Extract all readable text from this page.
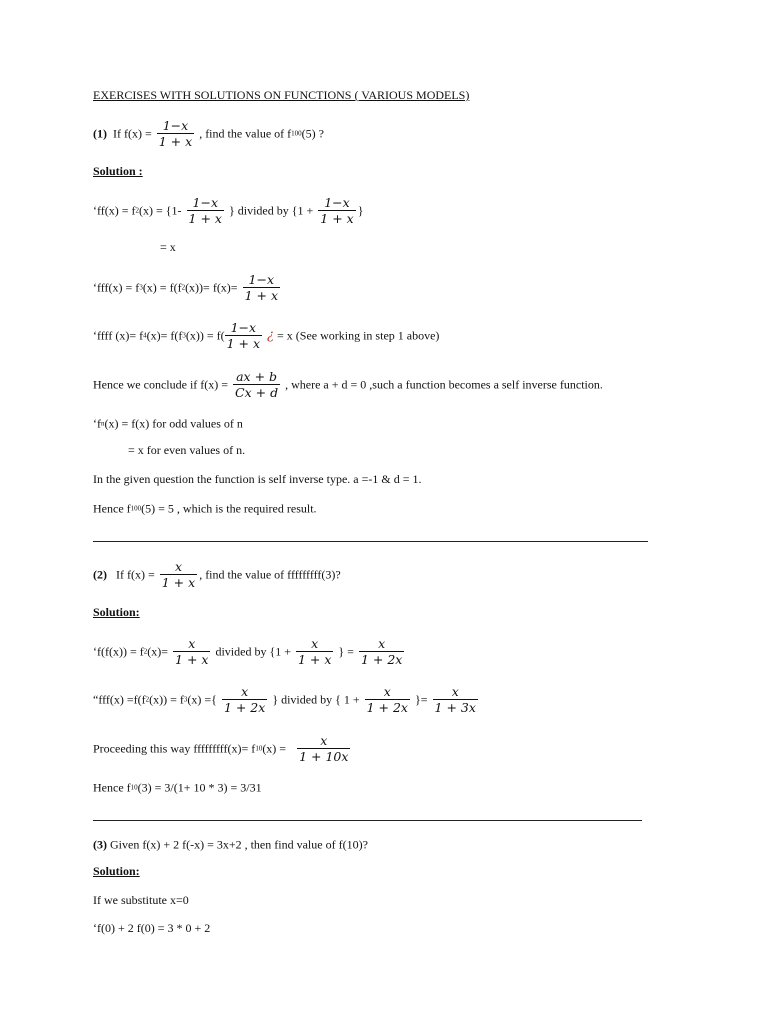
EXERCISES WITH SOLUTIONS ON FUNCTIONS ( VARIOUS MODELS)
(1) If $f(x) = \frac{1-x}{1 + x}$ , find the value of f100(5) ?
Solution :
‘$ff(x) = f2(x) = \{1- \frac{1-x}{1 + x}$ } divided by {$1 + \frac{1-x}{1 + x}$ }
= x
‘$fff(x) = f3(x) = f(f2(x))= f(x)= \frac{1-x}{1 + x}$
‘ffff $(x)= f4(x)= f(f3(x)) = f( \frac{1-x}{1 + x}$ ¿ = x (See working in step 1 above)
Hence we conclude if $f(x) = \frac{ax + b}{Cx + d}$ , where a + d = 0 ,such a function becomes a self inverse function.
‘fn(x) = f(x) for odd values of n
= x for even values of n.
In the given question the function is self inverse type. a =-1 & d = 1.
Hence f100(5) = 5 , which is the required result.
(2) If $f(x) = \frac{x}{1 + x}$ , find the value of fffffffff(3)?
Solution:
‘$f(f(x)) = f2(x)= \frac{x}{1 + x}$ divided by {$1 + \frac{x}{1 + x}$ } = $\frac{x}{1 + 2x}$
“fff(x) =f(f2(x)) = f3(x) ={ $\frac{x}{1 + 2x}$ } divided by { $1 + \frac{x}{1 + 2x}$ }= $\frac{x}{1 + 3x}$
Proceeding this way fffffffff(x)= $f10(x) = \frac{x}{1 + 10x}$
Hence f10(3) = 3/(1+ 10 * 3) = 3/31
(3) Given f(x) + 2 f(-x) = 3x+2 , then find value of f(10)?
Solution:
If we substitute x=0
‘f(0) + 2 f(0) = 3 * 0 + 2
